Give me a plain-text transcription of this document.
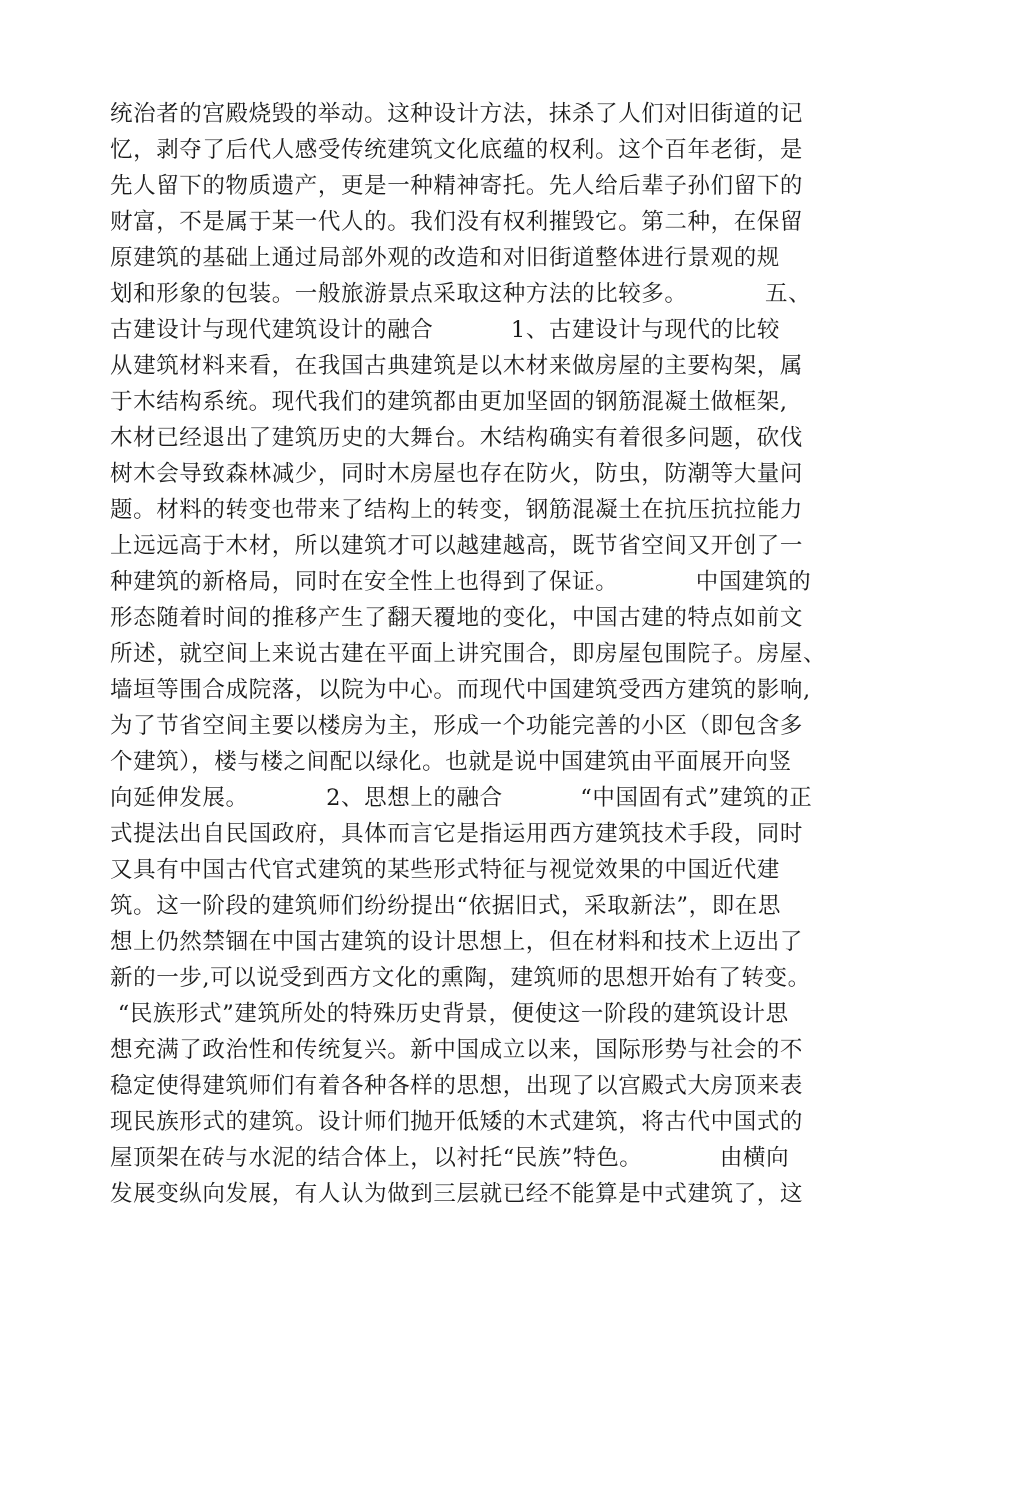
统治者的宫殿烧毁的举动。这种设计方法，抹杀了人们对旧街道的记
忆，剥夺了后代人感受传统建筑文化底蕴的权利。这个百年老街，是
先人留下的物质遗产，更是一种精神寄托。先人给后辈子孙们留下的
财富，不是属于某一代人的。我们没有权利摧毁它。第二种，在保留
原建筑的基础上通过局部外观的改造和对旧街道整体进行景观的规
划和形象的包装。一般旅游景点采取这种方法的比较多。          五、
古建设计与现代建筑设计的融合          1、古建设计与现代的比较
从建筑材料来看，在我国古典建筑是以木材来做房屋的主要构架，属
于木结构系统。现代我们的建筑都由更加坚固的钢筋混凝土做框架,
木材已经退出了建筑历史的大舞台。木结构确实有着很多问题，砍伐
树木会导致森林减少，同时木房屋也存在防火，防虫，防潮等大量问
题。材料的转变也带来了结构上的转变，钢筋混凝土在抗压抗拉能力
上远远高于木材，所以建筑才可以越建越高，既节省空间又开创了一
种建筑的新格局，同时在安全性上也得到了保证。          中国建筑的
形态随着时间的推移产生了翻天覆地的变化，中国古建的特点如前文
所述，就空间上来说古建在平面上讲究围合，即房屋包围院子。房屋、
墙垣等围合成院落，以院为中心。而现代中国建筑受西方建筑的影响,
为了节省空间主要以楼房为主，形成一个功能完善的小区（即包含多
个建筑），楼与楼之间配以绿化。也就是说中国建筑由平面展开向竖
向延伸发展。          2、思想上的融合          “中国固有式”建筑的正
式提法出自民国政府，具体而言它是指运用西方建筑技术手段，同时
又具有中国古代官式建筑的某些形式特征与视觉效果的中国近代建
筑。这一阶段的建筑师们纷纷提出“依据旧式，采取新法”，即在思
想上仍然禁锢在中国古建筑的设计思想上，但在材料和技术上迈出了
新的一步,可以说受到西方文化的熏陶，建筑师的思想开始有了转变。
“民族形式”建筑所处的特殊历史背景，便使这一阶段的建筑设计思
想充满了政治性和传统复兴。新中国成立以来，国际形势与社会的不
稳定使得建筑师们有着各种各样的思想，出现了以宫殿式大房顶来表
现民族形式的建筑。设计师们抛开低矮的木式建筑，将古代中国式的
屋顶架在砖与水泥的结合体上，以衬托“民族”特色。          由横向
发展变纵向发展，有人认为做到三层就已经不能算是中式建筑了，这
